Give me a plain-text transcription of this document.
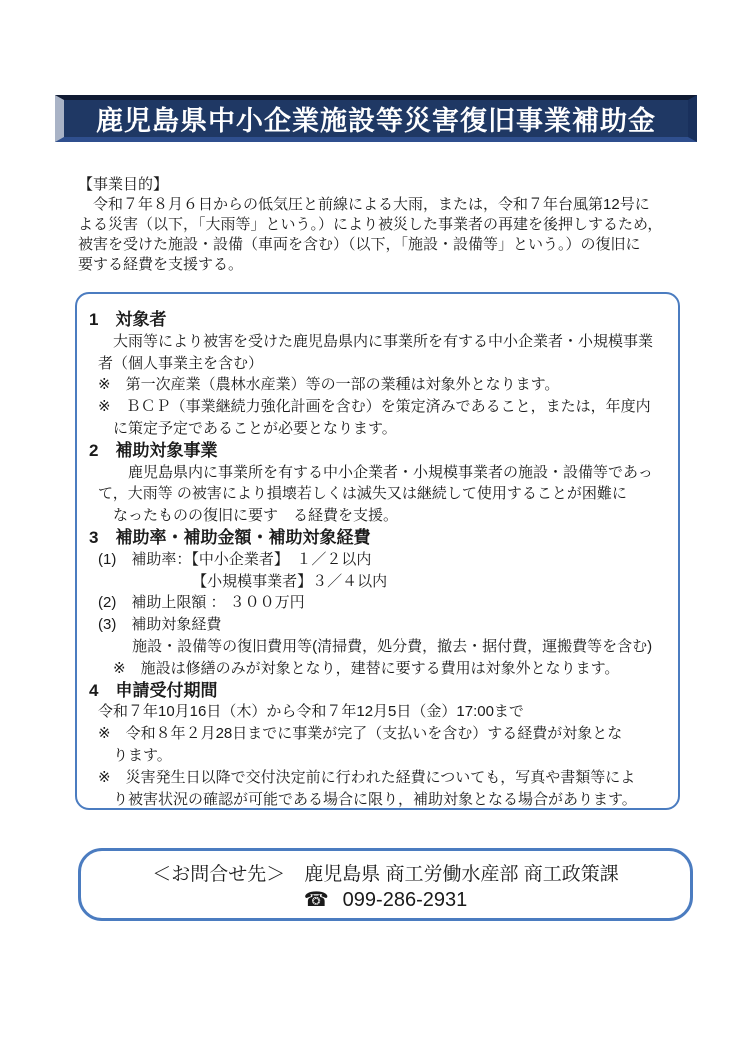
鹿児島県中小企業施設等災害復旧事業補助金
【事業目的】
　令和７年８月６日からの低気圧と前線による大雨，または，令和７年台風第12号に
よる災害（以下，「大雨等」という。）により被災した事業者の再建を後押しするため，
被害を受けた施設・設備（車両を含む）（以下，「施設・設備等」という。）の復旧に
要する経費を支援する。
1 対象者
　大雨等により被害を受けた鹿児島県内に事業所を有する中小企業者・小規模事業
者（個人事業主を含む）
※　第一次産業（農林水産業）等の一部の業種は対象外となります。
※　ＢＣＰ（事業継続力強化計画を含む）を策定済みであること，または，年度内
　に策定予定であることが必要となります。
2 補助対象事業
　　鹿児島県内に事業所を有する中小企業者・小規模事業者の施設・設備等であっ
て，大雨等 の被害により損壊若しくは滅失又は継続して使用することが困難に
　なったものの復旧に要す　る経費を支援。
3 補助率・補助金額・補助対象経費
(1)　補助率：【中小企業者】　１／２以内
　　　　　　 【小規模事業者】３／４以内
(2)　補助上限額 ： ３００万円
(3)　補助対象経費
　　 施設・設備等の復旧費用等(清掃費，処分費，撤去・据付費，運搬費等を含む)
　※　施設は修繕のみが対象となり，建替に要する費用は対象外となります。
4 申請受付期間
令和７年10月16日（木）から令和７年12月5日（金）17:00まで
※　令和８年２月28日までに事業が完了（支払いを含む）する経費が対象とな
　ります。
※　災害発生日以降で交付決定前に行われた経費についても，写真や書類等によ
　り被害状況の確認が可能である場合に限り，補助対象となる場合があります。
＜お問合せ先＞　鹿児島県 商工労働水産部 商工政策課
☎ 099-286-2931
